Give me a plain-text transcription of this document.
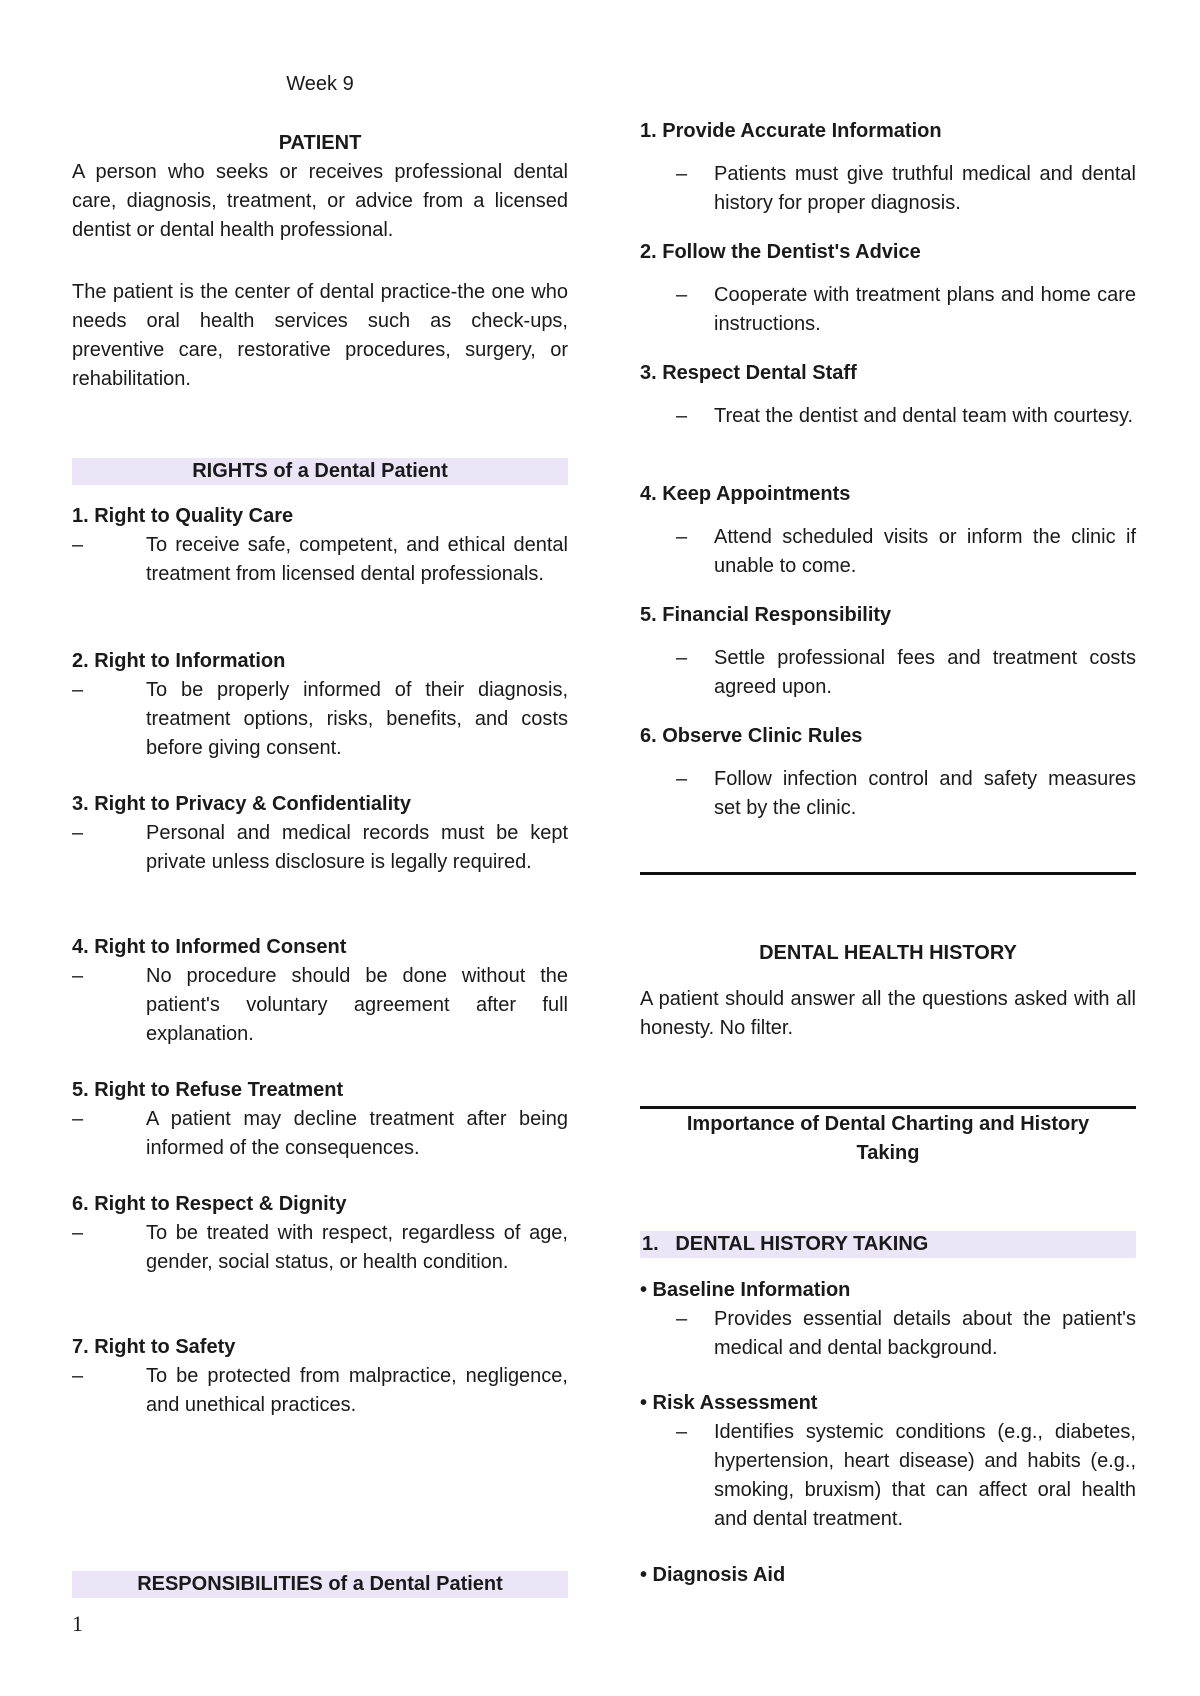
Week 9
PATIENT
A person who seeks or receives professional dental care, diagnosis, treatment, or advice from a licensed dentist or dental health professional.
The patient is the center of dental practice-the one who needs oral health services such as check-ups, preventive care, restorative procedures, surgery, or rehabilitation.
RIGHTS of a Dental Patient
1. Right to Quality Care
–	To receive safe, competent, and ethical dental treatment from licensed dental professionals.
2. Right to Information
–	To be properly informed of their diagnosis, treatment options, risks, benefits, and costs before giving consent.
3. Right to Privacy & Confidentiality
–	Personal and medical records must be kept private unless disclosure is legally required.
4. Right to Informed Consent
–	No procedure should be done without the patient's voluntary agreement after full explanation.
5. Right to Refuse Treatment
–	A patient may decline treatment after being informed of the consequences.
6. Right to Respect & Dignity
–	To be treated with respect, regardless of age, gender, social status, or health condition.
7. Right to Safety
–	To be protected from malpractice, negligence, and unethical practices.
RESPONSIBILITIES of a Dental Patient
1. Provide Accurate Information
–	Patients must give truthful medical and dental history for proper diagnosis.
2. Follow the Dentist's Advice
–	Cooperate with treatment plans and home care instructions.
3. Respect Dental Staff
–	Treat the dentist and dental team with courtesy.
4. Keep Appointments
–	Attend scheduled visits or inform the clinic if unable to come.
5. Financial Responsibility
–	Settle professional fees and treatment costs agreed upon.
6. Observe Clinic Rules
–	Follow infection control and safety measures set by the clinic.
DENTAL HEALTH HISTORY
A patient should answer all the questions asked with all honesty. No filter.
Importance of Dental Charting and History
Taking
1.   DENTAL HISTORY TAKING
• Baseline Information
–	Provides essential details about the patient's medical and dental background.
• Risk Assessment
–	Identifies systemic conditions (e.g., diabetes, hypertension, heart disease) and habits (e.g., smoking, bruxism) that can affect oral health and dental treatment.
• Diagnosis Aid
1
